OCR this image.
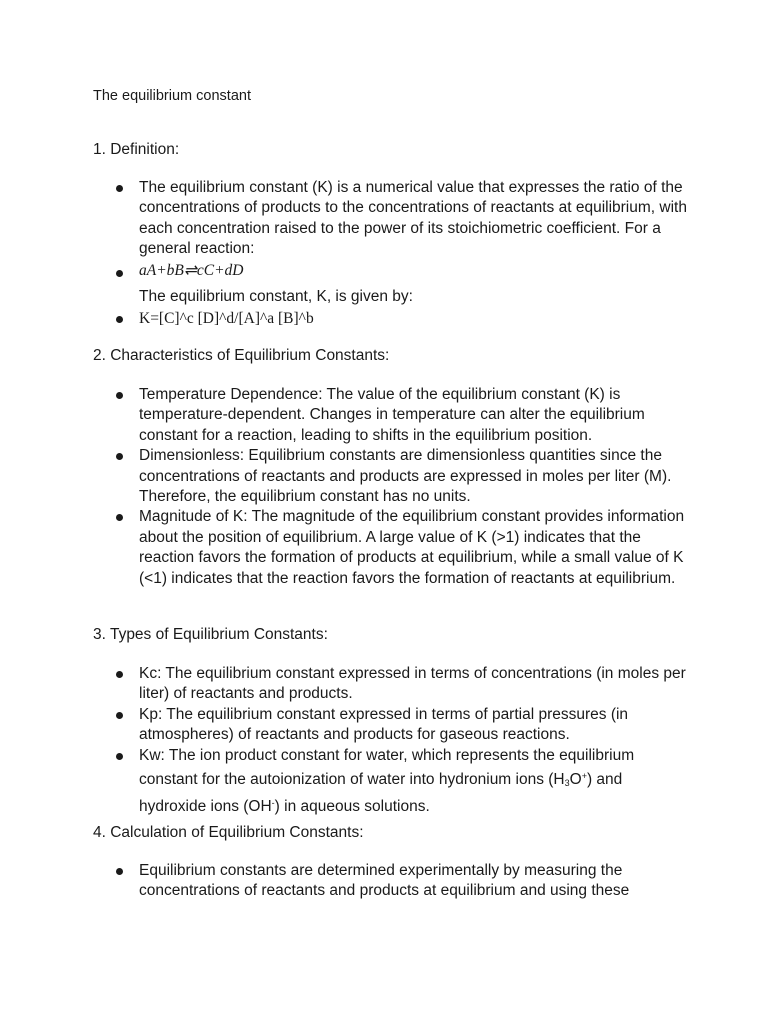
The equilibrium constant
1. Definition:
The equilibrium constant (K) is a numerical value that expresses the ratio of the concentrations of products to the concentrations of reactants at equilibrium, with each concentration raised to the power of its stoichiometric coefficient. For a general reaction:
aA+bB⇌cC+dD
The equilibrium constant, K, is given by:
K=[C]^c [D]^d/[A]^a [B]^b
2. Characteristics of Equilibrium Constants:
Temperature Dependence: The value of the equilibrium constant (K) is temperature-dependent. Changes in temperature can alter the equilibrium constant for a reaction, leading to shifts in the equilibrium position.
Dimensionless: Equilibrium constants are dimensionless quantities since the concentrations of reactants and products are expressed in moles per liter (M). Therefore, the equilibrium constant has no units.
Magnitude of K: The magnitude of the equilibrium constant provides information about the position of equilibrium. A large value of K (>1) indicates that the reaction favors the formation of products at equilibrium, while a small value of K (<1) indicates that the reaction favors the formation of reactants at equilibrium.
3. Types of Equilibrium Constants:
Kc: The equilibrium constant expressed in terms of concentrations (in moles per liter) of reactants and products.
Kp: The equilibrium constant expressed in terms of partial pressures (in atmospheres) of reactants and products for gaseous reactions.
Kw: The ion product constant for water, which represents the equilibrium constant for the autoionization of water into hydronium ions $(H_3O^+)$ and hydroxide ions (OH-) in aqueous solutions.
4. Calculation of Equilibrium Constants:
Equilibrium constants are determined experimentally by measuring the concentrations of reactants and products at equilibrium and using these
